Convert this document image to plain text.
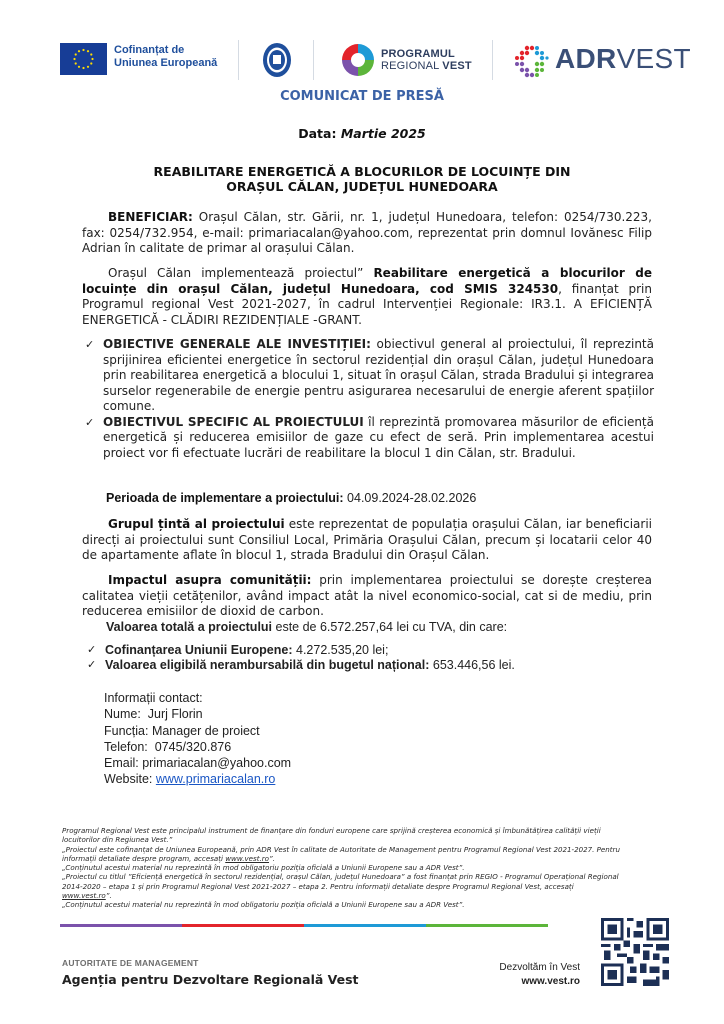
Cofinanțat de
Uniunea Europeană
PROGRAMUL
REGIONAL VEST	ADRVEST
COMUNICAT DE PRESĂ
Data: Martie 2025
REABILITARE ENERGETICĂ A BLOCURILOR DE LOCUINȚE DIN
ORAȘUL CĂLAN, JUDEȚUL HUNEDOARA
BENEFICIAR: Orașul Călan, str. Gării, nr. 1, județul Hunedoara, telefon: 0254/730.223, fax: 0254/732.954, e-mail: primariacalan@yahoo.com, reprezentat prin domnul Iovănesc Filip Adrian în calitate de primar al orașului Călan.
Orașul Călan implementează proiectul” Reabilitare energetică a blocurilor de locuințe din orașul Călan, județul Hunedoara, cod SMIS 324530, finanțat prin Programul regional Vest 2021-2027, în cadrul Intervenției Regionale: IR3.1. A EFICIENȚĂ ENERGETICĂ - CLĂDIRI REZIDENȚIALE -GRANT.

✓ OBIECTIVE GENERALE ALE INVESTIȚIEI: obiectivul general al proiectului, îl reprezintă sprijinirea eficientei energetice în sectorul rezidențial din orașul Călan, județul Hunedoara prin reabilitarea energetică a blocului 1, situat în orașul Călan, strada Bradului și integrarea surselor regenerabile de energie pentru asigurarea necesarului de energie aferent spațiilor comune.

✓ OBIECTIVUL SPECIFIC AL PROIECTULUI îl reprezintă promovarea măsurilor de eficiență energetică și reducerea emisiilor de gaze cu efect de seră. Prin implementarea acestui proiect vor fi efectuate lucrări de reabilitare la blocul 1 din Călan, str. Bradului.

Perioada de implementare a proiectului: 04.09.2024-28.02.2026
Grupul țintă al proiectului este reprezentat de populația orașului Călan, iar beneficiarii direcți ai proiectului sunt Consiliul Local, Primăria Orașului Călan, precum și locatarii celor 40 de apartamente aflate în blocul 1, strada Bradului din Orașul Călan.
Impactul asupra comunității: prin implementarea proiectului se dorește creșterea calitatea vieții cetățenilor, având impact atât la nivel economico-social, cat si de mediu, prin reducerea emisiilor de dioxid de carbon.
Valoarea totală a proiectului este de 6.572.257,64 lei cu TVA, din care:

✓ Cofinanțarea Uniunii Europene: 4.272.535,20 lei;

✓ Valoarea eligibilă nerambursabilă din bugetul național: 653.446,56 lei.

Informații contact:
Nume:  Jurj Florin
Funcția: Manager de proiect
Telefon:  0745/320.876
Email: primariacalan@yahoo.com
Website: www.primariacalan.ro
Programul Regional Vest este principalul instrument de finanțare din fonduri europene care sprijină creșterea economică și îmbunătățirea calității vieții locuitorilor din Regiunea Vest.”
„Proiectul este cofinanțat de Uniunea Europeană, prin ADR Vest în calitate de Autoritate de Management pentru Programul Regional Vest 2021-2027. Pentru informații detaliate despre program, accesați www.vest.ro”.
„Conținutul acestui material nu reprezintă în mod obligatoriu poziția oficială a Uniunii Europene sau a ADR Vest”.
„Proiectul cu titlul ”Eficiență energetică în sectorul rezidențial, orașul Călan, județul Hunedoara” a fost finanțat prin REGIO - Programul Operațional Regional 2014-2020 – etapa 1 și prin Programul Regional Vest 2021-2027 – etapa 2. Pentru informații detaliate despre Programul Regional Vest, accesați www.vest.ro”.
„Conținutul acestui material nu reprezintă în mod obligatoriu poziția oficială a Uniunii Europene sau a ADR Vest”.
AUTORITATE DE MANAGEMENT
Agenția pentru Dezvoltare Regională Vest
Dezvoltăm în Vest
www.vest.ro
